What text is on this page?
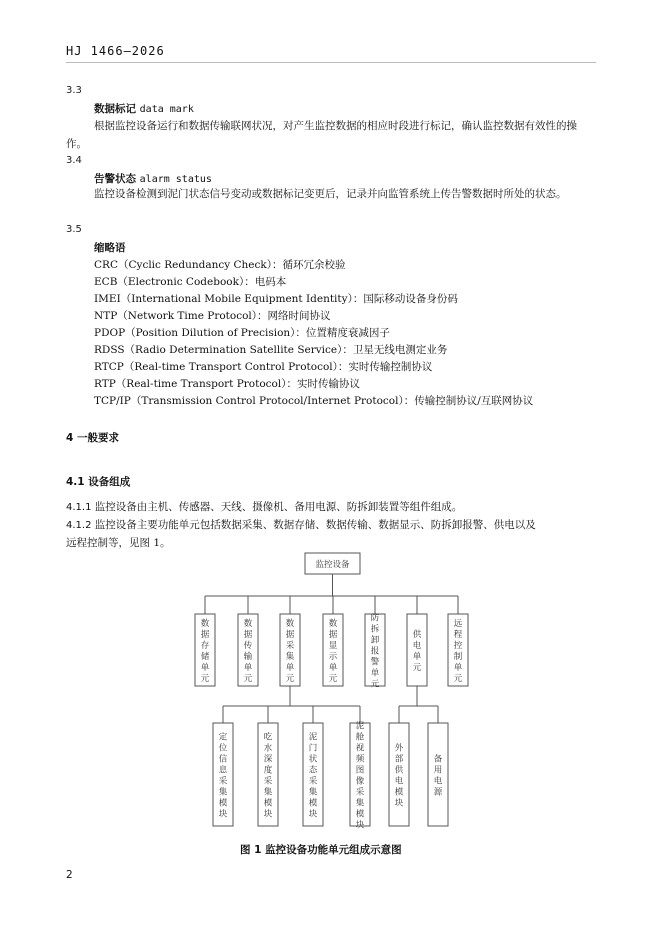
HJ 1466—2026
3.3
数据标记 data mark
根据监控设备运行和数据传输联网状况，对产生监控数据的相应时段进行标记，确认监控数据有效性的操作。
3.4
告警状态 alarm status
监控设备检测到泥门状态信号变动或数据标记变更后，记录并向监管系统上传告警数据时所处的状态。
3.5
缩略语
CRC（Cyclic Redundancy Check）：循环冗余校验
ECB（Electronic Codebook）：电码本
IMEI（International Mobile Equipment Identity）：国际移动设备身份码
NTP（Network Time Protocol）：网络时间协议
PDOP（Position Dilution of Precision）：位置精度衰减因子
RDSS（Radio Determination Satellite Service）：卫星无线电测定业务
RTCP（Real-time Transport Control Protocol）：实时传输控制协议
RTP（Real-time Transport Protocol）：实时传输协议
TCP/IP（Transmission Control Protocol/Internet Protocol）：传输控制协议/互联网协议
4 一般要求
4.1 设备组成
4.1.1 监控设备由主机、传感器、天线、摄像机、备用电源、防拆卸装置等组件组成。
4.1.2 监控设备主要功能单元包括数据采集、数据存储、数据传输、数据显示、防拆卸报警、供电以及
远程控制等，见图 1。
监控设备
数据存储单元
数据传输单元
数据采集单元
数据显示单元
防拆卸报警单元
供电单元
远程控制单元
定位信息采集模块
吃水深度采集模块
泥门状态采集模块
泥舱视频图像采集模块
外部供电模块
备用电源
图 1 监控设备功能单元组成示意图
2
